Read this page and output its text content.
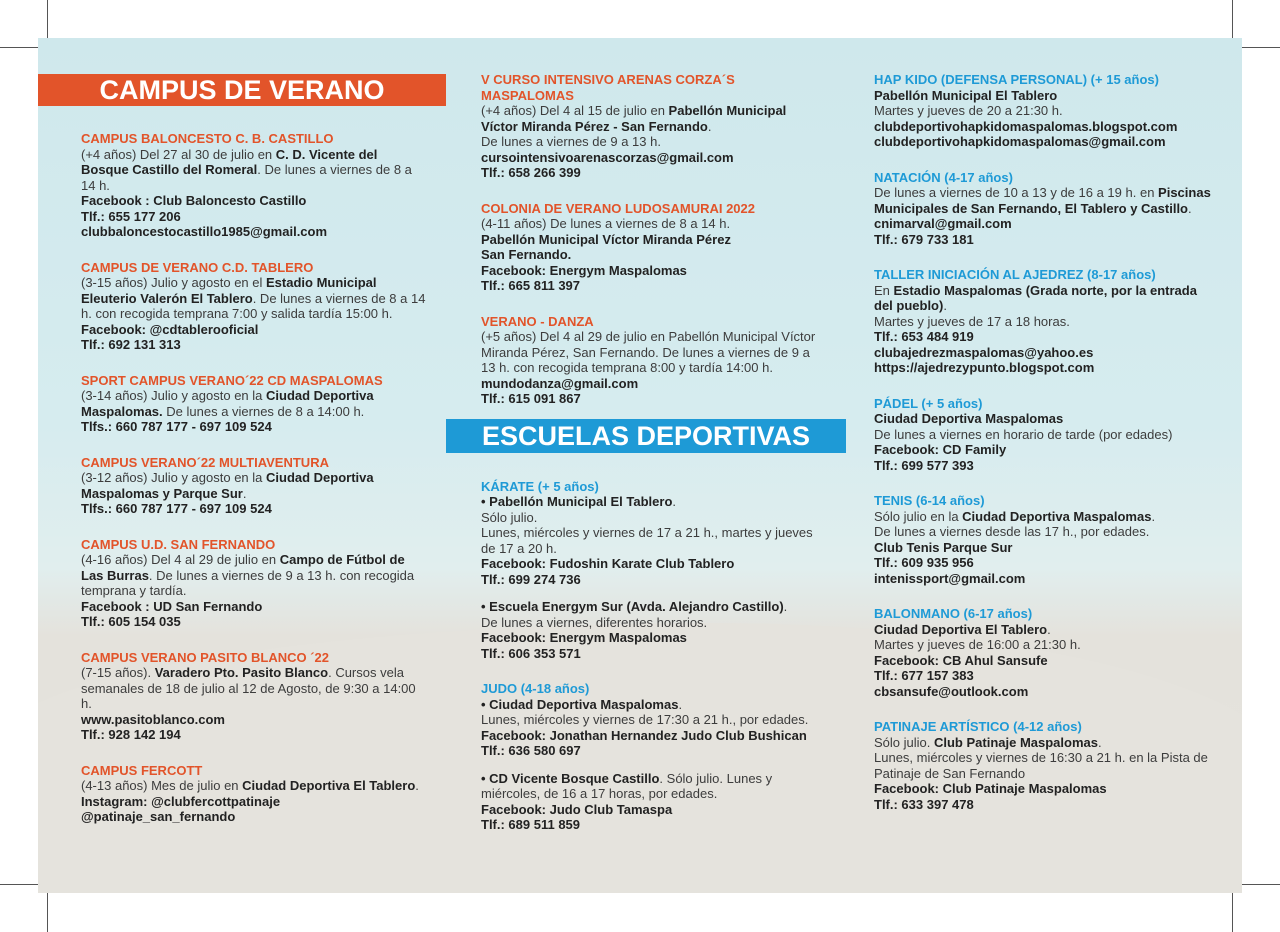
CAMPUS DE VERANO
ESCUELAS DEPORTIVAS
CAMPUS BALONCESTO C. B. CASTILLO
(+4 años) Del 27 al 30 de julio en C. D. Vicente del Bosque Castillo del Romeral. De lunes a viernes de 8 a 14 h.
Facebook : Club Baloncesto Castillo
Tlf.: 655 177 206
clubbaloncestocastillo1985@gmail.com
CAMPUS DE VERANO C.D. TABLERO
(3-15 años) Julio y agosto en el Estadio Municipal Eleuterio Valerón El Tablero. De lunes a viernes de 8 a 14 h. con recogida temprana 7:00 y salida tardía 15:00 h.
Facebook: @cdtablerooficial
Tlf.: 692 131 313
SPORT CAMPUS VERANO´22 CD MASPALOMAS
(3-14 años) Julio y agosto en la Ciudad Deportiva Maspalomas. De lunes a viernes de 8 a 14:00 h.
Tlfs.: 660 787 177 - 697 109 524
CAMPUS VERANO´22 MULTIAVENTURA
(3-12 años) Julio y agosto en la Ciudad Deportiva Maspalomas y Parque Sur.
Tlfs.: 660 787 177 - 697 109 524
CAMPUS U.D. SAN FERNANDO
(4-16 años) Del 4 al 29 de julio en Campo de Fútbol de Las Burras. De lunes a viernes de 9 a 13 h. con recogida temprana y tardía.
Facebook : UD San Fernando
Tlf.: 605 154 035
CAMPUS VERANO PASITO BLANCO ´22
(7-15 años). Varadero Pto. Pasito Blanco. Cursos vela semanales de 18 de julio al 12 de Agosto, de 9:30 a 14:00 h.
www.pasitoblanco.com
Tlf.: 928 142 194
CAMPUS FERCOTT
(4-13 años) Mes de julio en Ciudad Deportiva El Tablero.
Instagram: @clubfercottpatinaje
@patinaje_san_fernando
V CURSO INTENSIVO ARENAS CORZA´S MASPALOMAS
(+4 años) Del 4 al 15 de julio en Pabellón Municipal Víctor Miranda Pérez - San Fernando.
De lunes a viernes de 9 a 13 h.
cursointensivoarenascorzas@gmail.com
Tlf.: 658 266 399
COLONIA DE VERANO LUDOSAMURAI 2022
(4-11 años) De lunes a viernes de 8 a 14 h.
Pabellón Municipal Víctor Miranda Pérez
San Fernando.
Facebook: Energym Maspalomas
Tlf.: 665 811 397
VERANO - DANZA
(+5 años) Del 4 al 29 de julio en Pabellón Municipal Víctor Miranda Pérez, San Fernando. De lunes a viernes de 9 a 13 h. con recogida temprana 8:00 y tardía 14:00 h.
mundodanza@gmail.com
Tlf.: 615 091 867
KÁRATE (+ 5 años)
• Pabellón Municipal El Tablero.
Sólo julio.
Lunes, miércoles y viernes de 17 a 21 h., martes y jueves de 17 a 20 h.
Facebook: Fudoshin Karate Club Tablero
Tlf.: 699 274 736
• Escuela Energym Sur (Avda. Alejandro Castillo).
De lunes a viernes, diferentes horarios.
Facebook: Energym Maspalomas
Tlf.: 606 353 571
JUDO (4-18 años)
• Ciudad Deportiva Maspalomas.
Lunes, miércoles y viernes de 17:30 a 21 h., por edades.
Facebook: Jonathan Hernandez Judo Club Bushican
Tlf.: 636 580 697
• CD Vicente Bosque Castillo. Sólo julio. Lunes y miércoles, de 16 a 17 horas, por edades.
Facebook: Judo Club Tamaspa
Tlf.: 689 511 859
HAP KIDO (DEFENSA PERSONAL) (+ 15 años)
Pabellón Municipal El Tablero
Martes y jueves de 20 a 21:30 h.
clubdeportivohapkidomaspalomas.blogspot.com
clubdeportivohapkidomaspalomas@gmail.com
NATACIÓN (4-17 años)
De lunes a viernes de 10 a 13 y de 16 a 19 h. en Piscinas Municipales de San Fernando, El Tablero y Castillo.
cnimarval@gmail.com
Tlf.: 679 733 181
TALLER INICIACIÓN AL AJEDREZ (8-17 años)
En Estadio Maspalomas (Grada norte, por la entrada del pueblo).
Martes y jueves de 17 a 18 horas.
Tlf.: 653 484 919
clubajedrezmaspalomas@yahoo.es
https://ajedrezypunto.blogspot.com
PÁDEL (+ 5 años)
Ciudad Deportiva Maspalomas
De lunes a viernes en horario de tarde (por edades)
Facebook: CD Family
Tlf.: 699 577 393
TENIS (6-14 años)
Sólo julio en la Ciudad Deportiva Maspalomas.
De lunes a viernes desde las 17 h., por edades.
Club Tenis Parque Sur
Tlf.: 609 935 956
intenissport@gmail.com
BALONMANO (6-17 años)
Ciudad Deportiva El Tablero.
Martes y jueves de 16:00 a 21:30 h.
Facebook: CB Ahul Sansufe
Tlf.: 677 157 383
cbsansufe@outlook.com
PATINAJE ARTÍSTICO (4-12 años)
Sólo julio. Club Patinaje Maspalomas.
Lunes, miércoles y viernes de 16:30 a 21 h. en la Pista de Patinaje de San Fernando
Facebook: Club Patinaje Maspalomas
Tlf.: 633 397 478
